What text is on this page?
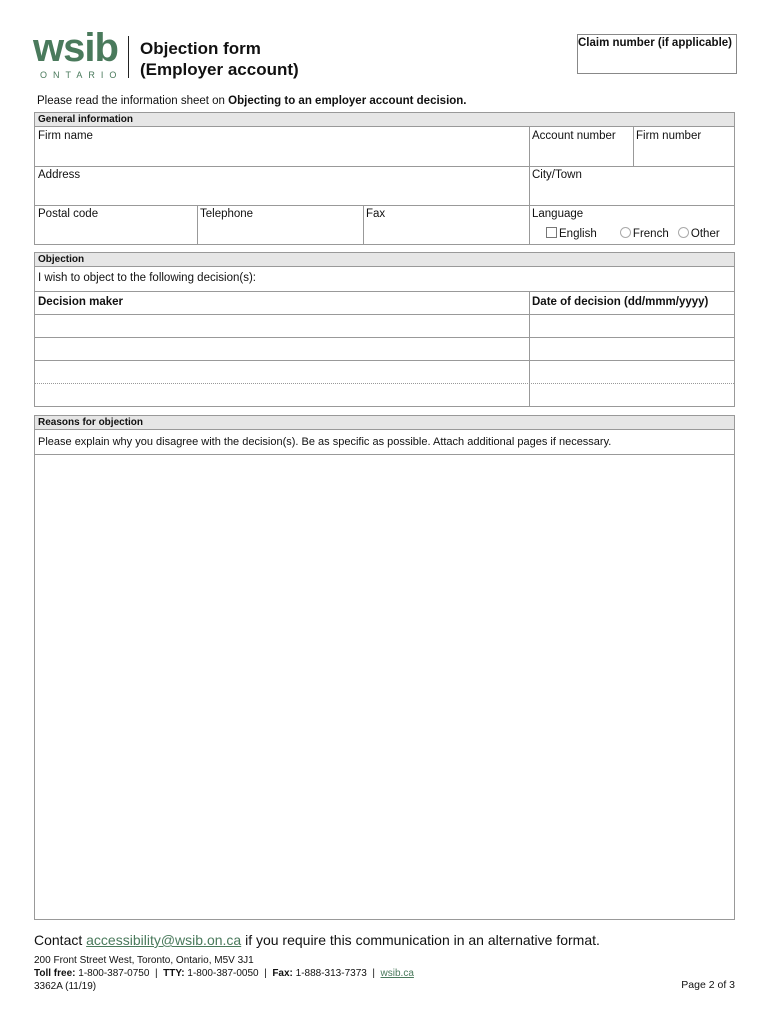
wsib
ONTARIO
Objection form
(Employer account)
Claim number (if applicable)
Please read the information sheet on Objecting to an employer account decision.
General information
Firm name	Account number	Firm number
Address	City/Town
Postal code	Telephone	Fax	Language
English	French Other
Objection
I wish to object to the following decision(s):
Decision maker	Date of decision (dd/mmm/yyyy)
Reasons for objection
Please explain why you disagree with the decision(s). Be as specific as possible. Attach additional pages if necessary.
Contact accessibility@wsib.on.ca if you require this communication in an alternative format.
200 Front Street West, Toronto, Ontario, M5V 3J1
Toll free: 1-800-387-0750  |  TTY: 1-800-387-0050  |  Fax: 1-888-313-7373  |  wsib.ca
3362A (11/19)	Page 2 of 3
